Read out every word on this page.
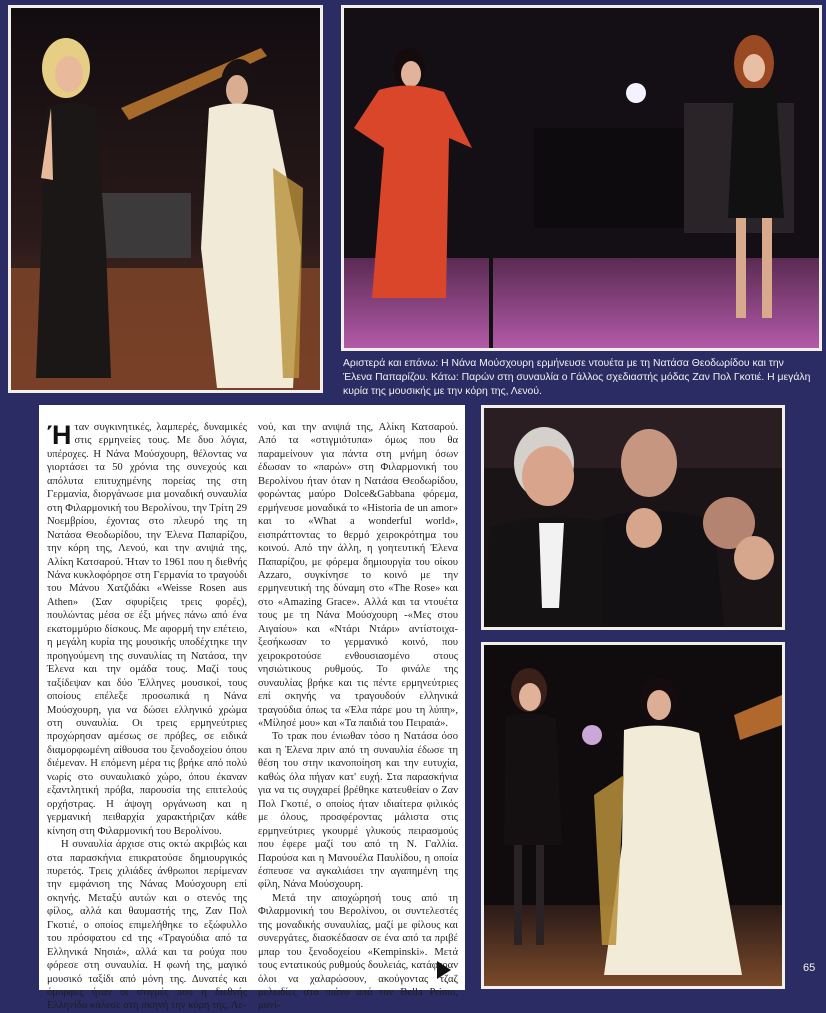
Αριστερά και επάνω: Η Νάνα Μούσχουρη ερμήνευσε ντουέτα με τη Νατάσα Θεοδωρίδου και την Έλενα Παπαρίζου. Κάτω: Παρών στη συναυλία ο Γάλλος σχεδιαστής μόδας Ζαν Πολ Γκοτιέ. Η μεγάλη κυρία της μουσικής με την κόρη της, Λενού.

Ήταν συγκινητικές, λαμπερές, δυναμικές στις ερμηνείες τους. Με δυο λόγια, υπέροχες. Η Νάνα Μούσχουρη, θέλοντας να γιορτάσει τα 50 χρόνια της συνεχούς και απόλυτα επιτυχημένης πορείας της στη Γερμανία, διοργάνωσε μια μοναδική συναυλία στη Φιλαρμονική του Βερολίνου, την Τρίτη 29 Νοεμβρίου, έχοντας στο πλευρό της τη Νατάσα Θεοδωρίδου, την Έλενα Παπαρίζου, την κόρη της, Λενού, και την ανιψιά της, Αλίκη Κατσαρού. Ήταν το 1961 που η διεθνής Νάνα κυκλοφόρησε στη Γερμανία το τραγούδι του Μάνου Χατζιδάκι «Weisse Rosen aus Athen» (Σαν σφυρίξεις τρεις φορές), πουλώντας μέσα σε έξι μήνες πάνω από ένα εκατομμύριο δίσκους. Με αφορμή την επέτειο, η μεγάλη κυρία της μουσικής υποδέχτηκε την προηγούμενη της συναυλίας τη Νατάσα, την Έλενα και την ομάδα τους. Μαζί τους ταξίδεψαν και δύο Έλληνες μουσικοί, τους οποίους επέλεξε προσωπικά η Νάνα Μούσχουρη, για να δώσει ελληνικό χρώμα στη συναυλία. Οι τρεις ερμηνεύτριες προχώρησαν αμέσως σε πρόβες, σε ειδικά διαμορφωμένη αίθουσα του ξενοδοχείου όπου διέμεναν. Η επόμενη μέρα τις βρήκε από πολύ νωρίς στο συναυλιακό χώρο, όπου έκαναν εξαντλητική πρόβα, παρουσία της επιτελούς ορχήστρας. Η άψογη οργάνωση και η γερμανική πειθαρχία χαρακτήριζαν κάθε κίνηση στη Φιλαρμονική του Βερολίνου.

Η συναυλία άρχισε στις οκτώ ακριβώς και στα παρασκήνια επικρατούσε δημιουργικός πυρετός. Τρεις χιλιάδες άνθρωποι περίμεναν την εμφάνιση της Νάνας Μούσχουρη επί σκηνής. Μεταξύ αυτών και ο στενός της φίλος, αλλά και θαυμαστής της, Ζαν Πολ Γκοτιέ, ο οποίος επιμελήθηκε το εξώφυλλο του πρόσφατου cd της «Τραγούδια από τα Ελληνικά Νησιά», αλλά και τα ρούχα που φόρεσε στη συναυλία. Η φωνή της, μαγικό μουσικό ταξίδι από μόνη της. Δυνατές και όμορφες ήταν οι στιγμές που η διεθνής Ελληνίδα κάλεσε στη σκηνή την κόρη της, Λε-

νού, και την ανιψιά της, Αλίκη Κατσαρού. Από τα «στιγμιότυπα» όμως που θα παραμείνουν για πάντα στη μνήμη όσων έδωσαν το «παρών» στη Φιλαρμονική του Βερολίνου ήταν όταν η Νατάσα Θεοδωρίδου, φορώντας μαύρο Dolce&Gabbana φόρεμα, ερμήνευσε μοναδικά το «Historia de un amor» και το «What a wonderful world», εισπράττοντας το θερμό χειροκρότημα του κοινού. Από την άλλη, η γοητευτική Έλενα Παπαρίζου, με φόρεμα δημιουργία του οίκου Azzaro, συγκίνησε το κοινό με την ερμηνευτική της δύναμη στο «The Rose» και στο «Amazing Grace». Αλλά και τα ντουέτα τους με τη Νάνα Μούσχουρη -«Μες στου Αιγαίου» και «Ντάρι Ντάρι» αντίστοιχα- ξεσήκωσαν το γερμανικό κοινό, που χειροκροτούσε ενθουσιασμένο στους νησιώτικους ρυθμούς. Το φινάλε της συναυλίας βρήκε και τις πέντε ερμηνεύτριες επί σκηνής να τραγουδούν ελληνικά τραγούδια όπως τα «Έλα πάρε μου τη λύπη», «Μίλησέ μου» και «Τα παιδιά του Πειραιά».

Το τρακ που ένιωθαν τόσο η Νατάσα όσο και η Έλενα πριν από τη συναυλία έδωσε τη θέση του στην ικανοποίηση και την ευτυχία, καθώς όλα πήγαν κατ' ευχή. Στα παρασκήνια για να τις συγχαρεί βρέθηκε κατευθείαν ο Ζαν Πολ Γκοτιέ, ο οποίος ήταν ιδιαίτερα φιλικός με όλους, προσφέροντας μάλιστα στις ερμηνεύτριες γκουρμέ γλυκούς πειρασμούς που έφερε μαζί του από τη Ν. Γαλλία. Παρούσα και η Μανουέλα Παυλίδου, η οποία έσπευσε να αγκαλιάσει την αγαπημένη της φίλη, Νάνα Μούσχουρη.

Μετά την αποχώρησή τους από τη Φιλαρμονική του Βερολίνου, οι συντελεστές της μοναδικής συναυλίας, μαζί με φίλους και συνεργάτες, διασκέδασαν σε ένα από τα πριβέ μπαρ του ξενοδοχείου «Kempinski». Μετά τους εντατικούς ρυθμούς δουλειάς, κατάφεραν όλοι να χαλαρώσουν, ακούγοντας τζαζ μελωδίες στο πιάνο από τον Bella Primo, μανί-

65
